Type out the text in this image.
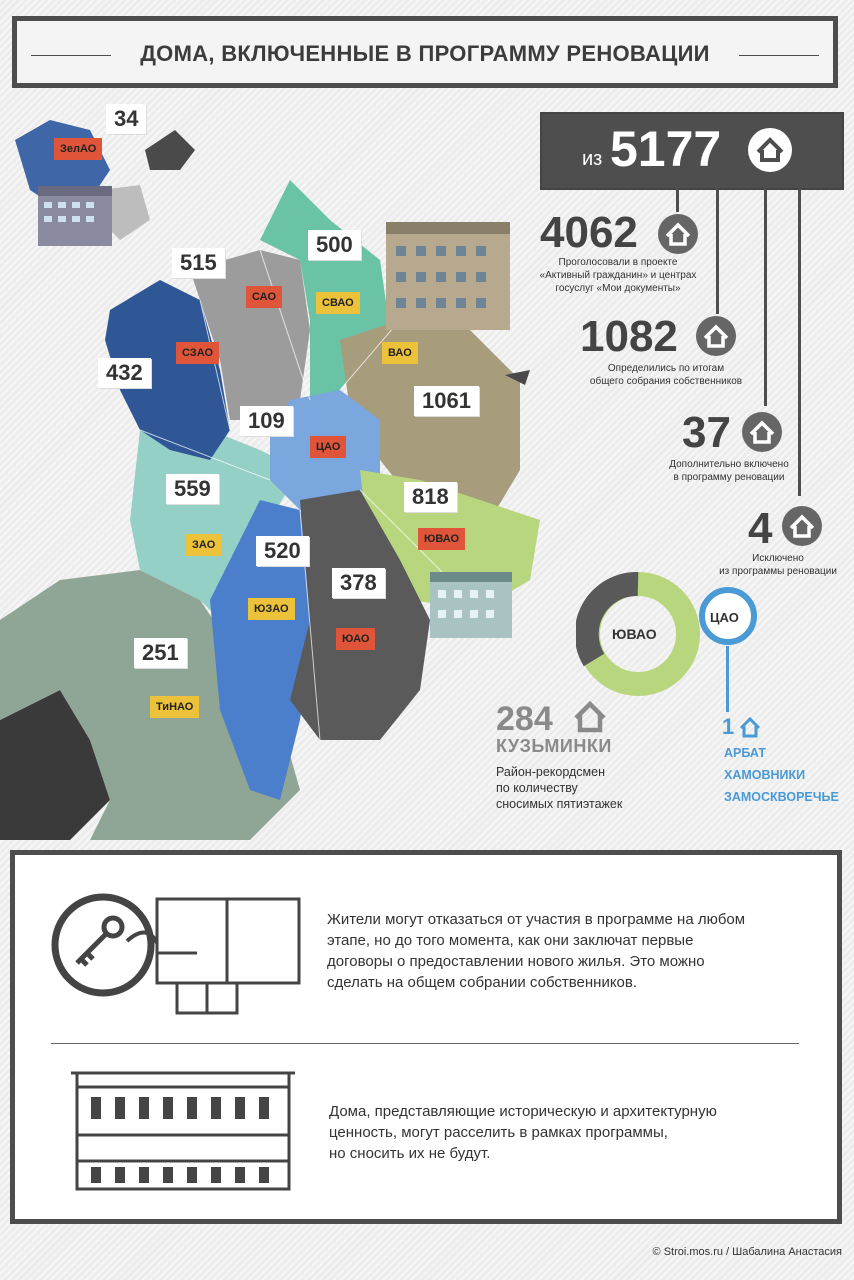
ДОМА, ВКЛЮЧЕННЫЕ В ПРОГРАММУ РЕНОВАЦИИ
34
515
500
432
1061
109
559	818
520
378
251
ЗелАО
САО	СВАО
СЗАО	ВАО
ЦАО
ЗАО	ЮВАО
ЮЗАО
ЮАО
ТиНАО
из 5177
4062
Проголосовали в проекте
«Активный гражданин» и центрах
госуслуг «Мои документы»
1082
Определились по итогам
общего собрания собственников
37
Дополнительно включено
в программу реновации
4
Исключено
из программы реновации
ЮВАО
ЦАО
284
КУЗЬМИНКИ
Район-рекордсмен
по количеству
сносимых пятиэтажек
1
АРБАТ
ХАМОВНИКИ
ЗАМОСКВОРЕЧЬЕ
Жители могут отказаться от участия в программе на любом
этапе, но до того момента, как они заключат первые
договоры о предоставлении нового жилья. Это можно
сделать на общем собрании собственников.
Дома, представляющие историческую и архитектурную
ценность, могут расселить в рамках программы,
но сносить их не будут.
© Stroi.mos.ru / Шабалина Анастасия
